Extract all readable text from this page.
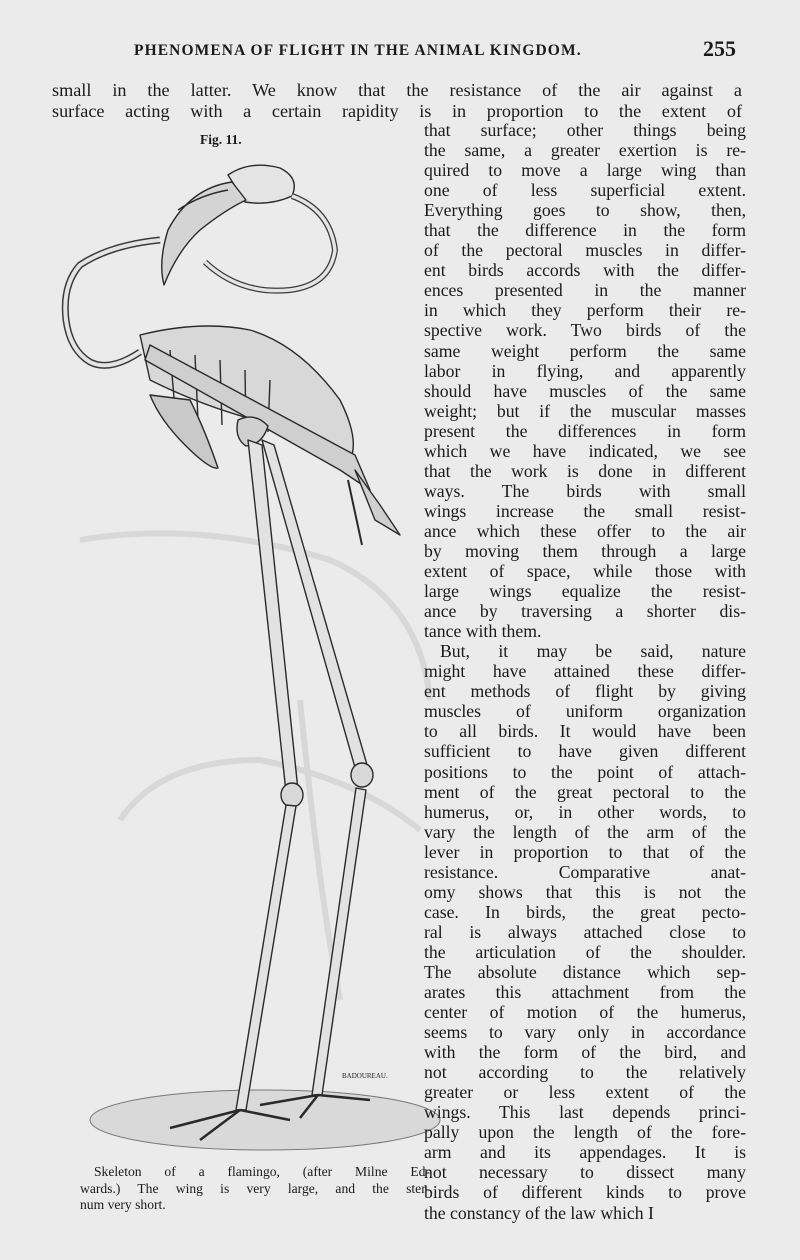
PHENOMENA OF FLIGHT IN THE ANIMAL KINGDOM.	255
small in the latter. We know that the resistance of the air against a
surface acting with a certain rapidity is in proportion to the extent of
Fig. 11.
BADOUREAU.
that surface; other things being
the same, a greater exertion is re-
quired to move a large wing than
one of less superficial extent.
Everything goes to show, then,
that the difference in the form
of the pectoral muscles in differ-
ent birds accords with the differ-
ences presented in the manner
in which they perform their re-
spective work. Two birds of the
same weight perform the same
labor in flying, and apparently
should have muscles of the same
weight; but if the muscular masses
present the differences in form
which we have indicated, we see
that the work is done in different
ways. The birds with small
wings increase the small resist-
ance which these offer to the air
by moving them through a large
extent of space, while those with
large wings equalize the resist-
ance by traversing a shorter dis-
tance with them.
But, it may be said, nature
might have attained these differ-
ent methods of flight by giving
muscles of uniform organization
to all birds. It would have been
sufficient to have given different
positions to the point of attach-
ment of the great pectoral to the
humerus, or, in other words, to
vary the length of the arm of the
lever in proportion to that of the
resistance. Comparative anat-
omy shows that this is not the
case. In birds, the great pecto-
ral is always attached close to
the articulation of the shoulder.
The absolute distance which sep-
arates this attachment from the
center of motion of the humerus,
seems to vary only in accordance
with the form of the bird, and
not according to the relatively
greater or less extent of the
wings. This last depends princi-
pally upon the length of the fore-
arm and its appendages. It is
not necessary to dissect many
birds of different kinds to prove
the constancy of the law which I
Skeleton of a flamingo, (after Milne Ed-
wards.) The wing is very large, and the ster-
num very short.
